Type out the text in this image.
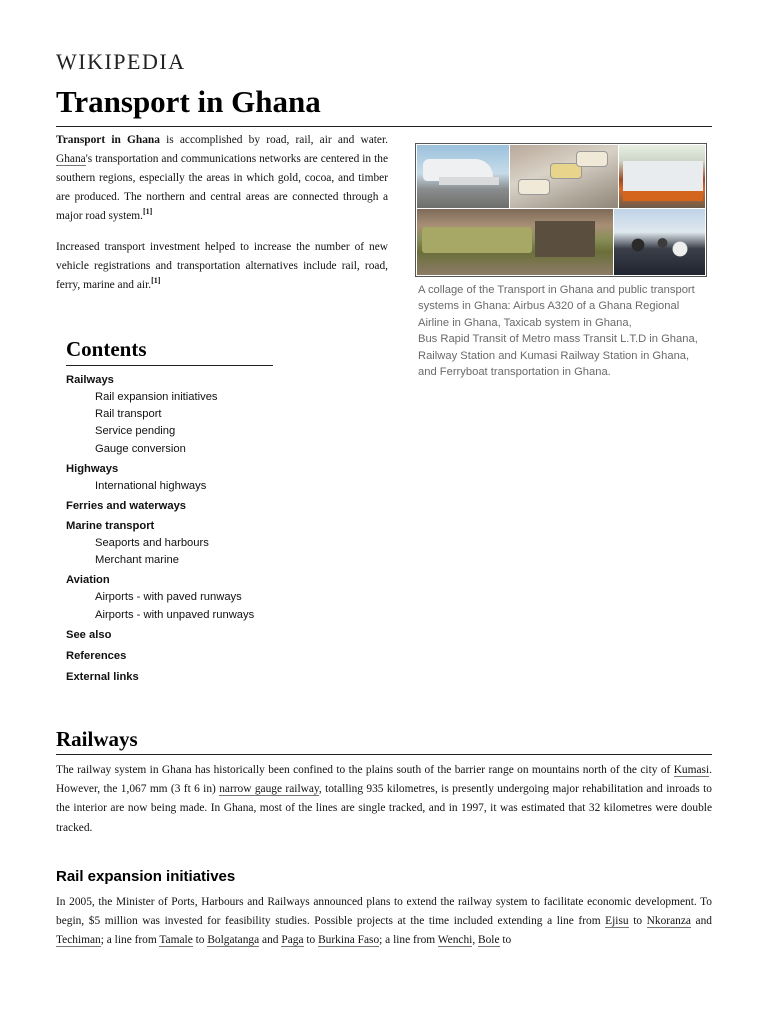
WIKIPEDIA
Transport in Ghana

Transport in Ghana is accomplished by road, rail, air and water. Ghana's transportation and communications networks are centered in the southern regions, especially the areas in which gold, cocoa, and timber are produced. The northern and central areas are connected through a major road system.[1]

Increased transport investment helped to increase the number of new vehicle registrations and transportation alternatives include rail, road, ferry, marine and air.[1]

A collage of the Transport in Ghana and public transport systems in Ghana: Airbus A320 of a Ghana Regional Airline in Ghana, Taxicab system in Ghana,
Bus Rapid Transit of Metro mass Transit L.T.D in Ghana, Railway Station and Kumasi Railway Station in Ghana, and Ferryboat transportation in Ghana.
Contents
Railways
Rail expansion initiatives
Rail transport
Service pending
Gauge conversion
Highways
International highways
Ferries and waterways
Marine transport
Seaports and harbours
Merchant marine
Aviation
Airports - with paved runways
Airports - with unpaved runways
See also
References
External links
Railways

The railway system in Ghana has historically been confined to the plains south of the barrier range on mountains north of the city of Kumasi. However, the 1,067 mm (3 ft 6 in) narrow gauge railway, totalling 935 kilometres, is presently undergoing major rehabilitation and inroads to the interior are now being made. In Ghana, most of the lines are single tracked, and in 1997, it was estimated that 32 kilometres were double tracked.

Rail expansion initiatives

In 2005, the Minister of Ports, Harbours and Railways announced plans to extend the railway system to facilitate economic development. To begin, $5 million was invested for feasibility studies. Possible projects at the time included extending a line from Ejisu to Nkoranza and Techiman; a line from Tamale to Bolgatanga and Paga to Burkina Faso; a line from Wenchi, Bole to
